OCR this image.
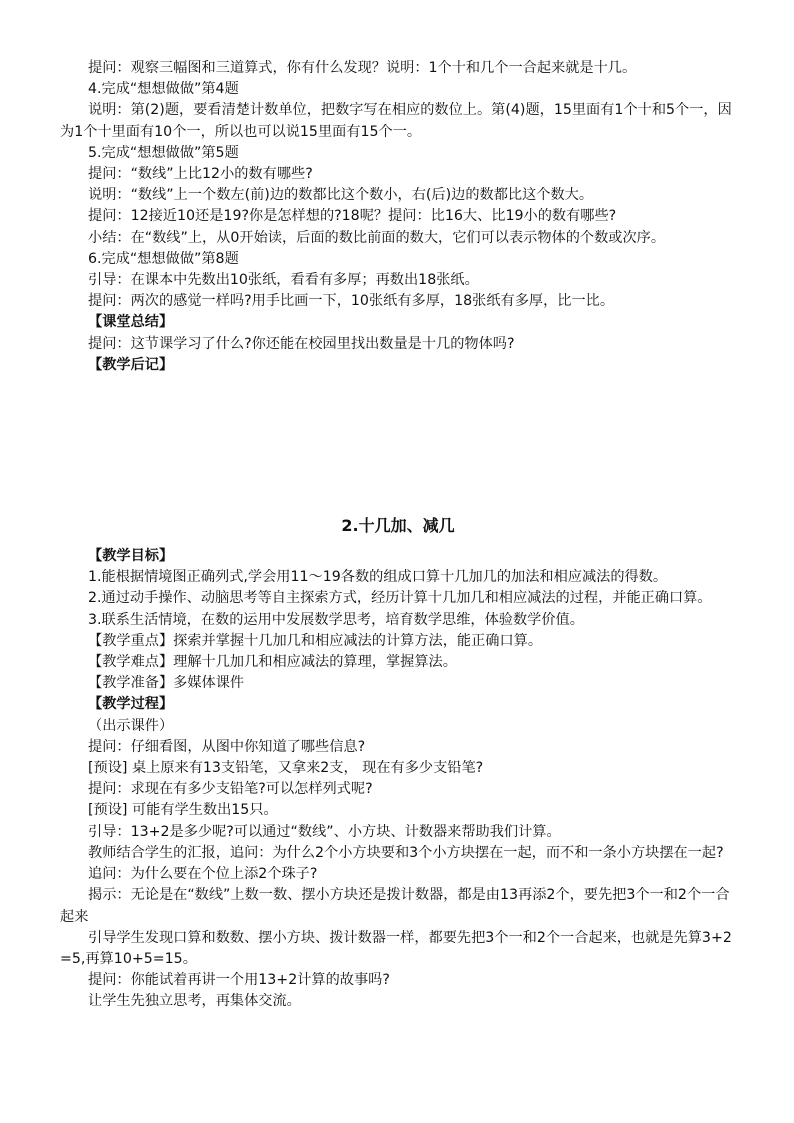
提问：观察三幅图和三道算式，你有什么发现？说明：1个十和几个一合起来就是十几。

4.完成“想想做做”第4题

说明：第(2)题，要看清楚计数单位，把数字写在相应的数位上。第(4)题，15里面有1个十和5个一，因为1个十里面有10个一，所以也可以说15里面有15个一。

5.完成“想想做做”第5题

提问：“数线”上比12小的数有哪些?

说明：“数线”上一个数左(前)边的数都比这个数小，右(后)边的数都比这个数大。

提问：12接近10还是19?你是怎样想的?18呢？提问：比16大、比19小的数有哪些?

小结：在“数线”上，从0开始读，后面的数比前面的数大，它们可以表示物体的个数或次序。

6.完成“想想做做”第8题

引导：在课本中先数出10张纸，看看有多厚；再数出18张纸。

提问：两次的感觉一样吗?用手比画一下，10张纸有多厚，18张纸有多厚，比一比。

【课堂总结】

提问：这节课学习了什么?你还能在校园里找出数量是十几的物体吗?

【教学后记】

2.十几加、减几

【教学目标】

1.能根据情境图正确列式,学会用11～19各数的组成口算十几加几的加法和相应减法的得数。

2.通过动手操作、动脑思考等自主探索方式，经历计算十几加几和相应减法的过程，并能正确口算。

3.联系生活情境，在数的运用中发展数学思考，培育数学思维，体验数学价值。

【教学重点】探索并掌握十几加几和相应减法的计算方法，能正确口算。

【教学难点】理解十几加几和相应减法的算理，掌握算法。

【教学准备】多媒体课件

【教学过程】

（出示课件）

提问：仔细看图，从图中你知道了哪些信息?

[预设] 桌上原来有13支铅笔，又拿来2支， 现在有多少支铅笔?

提问：求现在有多少支铅笔?可以怎样列式呢?

[预设] 可能有学生数出15只。

引导：13+2是多少呢?可以通过“数线”、小方块、计数器来帮助我们计算。

教师结合学生的汇报，追问：为什么2个小方块要和3个小方块摆在一起，而不和一条小方块摆在一起?

追问：为什么要在个位上添2个珠子?

揭示：无论是在“数线”上数一数、摆小方块还是拨计数器，都是由13再添2个，要先把3个一和2个一合起来

引导学生发现口算和数数、摆小方块、拨计数器一样，都要先把3个一和2个一合起来，也就是先算3+2=5,再算10+5=15。

提问：你能试着再讲一个用13+2计算的故事吗?

让学生先独立思考，再集体交流。
